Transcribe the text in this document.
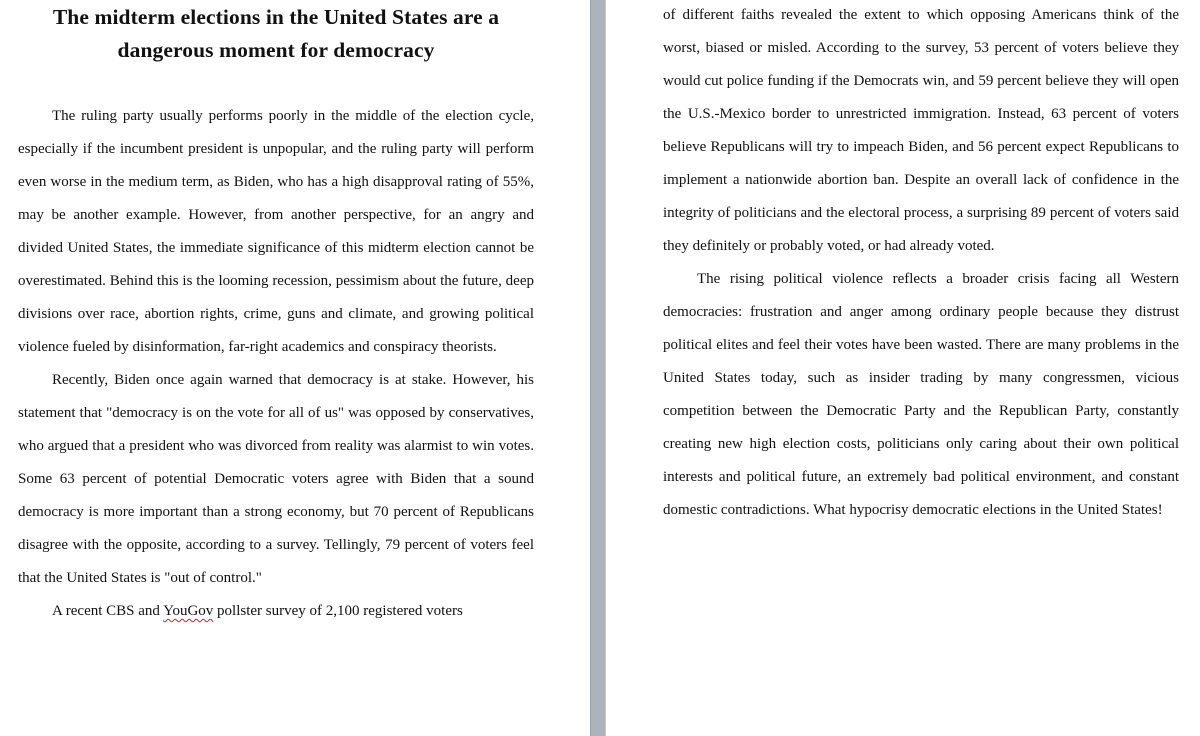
The midterm elections in the United States are a
dangerous moment for democracy

The ruling party usually performs poorly in the middle of the election cycle, especially if the incumbent president is unpopular, and the ruling party will perform even worse in the medium term, as Biden, who has a high disapproval rating of 55%, may be another example. However, from another perspective, for an angry and divided United States, the immediate significance of this midterm election cannot be overestimated. Behind this is the looming recession, pessimism about the future, deep divisions over race, abortion rights, crime, guns and climate, and growing political violence fueled by disinformation, far-right academics and conspiracy theorists.

Recently, Biden once again warned that democracy is at stake. However, his statement that "democracy is on the vote for all of us" was opposed by conservatives, who argued that a president who was divorced from reality was alarmist to win votes. Some 63 percent of potential Democratic voters agree with Biden that a sound democracy is more important than a strong economy, but 70 percent of Republicans disagree with the opposite, according to a survey. Tellingly, 79 percent of voters feel that the United States is "out of control."

A recent CBS and YouGov pollster survey of 2,100 registered voters

of different faiths revealed the extent to which opposing Americans think of the worst, biased or misled. According to the survey, 53 percent of voters believe they would cut police funding if the Democrats win, and 59 percent believe they will open the U.S.-Mexico border to unrestricted immigration. Instead, 63 percent of voters believe Republicans will try to impeach Biden, and 56 percent expect Republicans to implement a nationwide abortion ban. Despite an overall lack of confidence in the integrity of politicians and the electoral process, a surprising 89 percent of voters said they definitely or probably voted, or had already voted.

The rising political violence reflects a broader crisis facing all Western democracies: frustration and anger among ordinary people because they distrust political elites and feel their votes have been wasted. There are many problems in the United States today, such as insider trading by many congressmen, vicious competition between the Democratic Party and the Republican Party, constantly creating new high election costs, politicians only caring about their own political interests and political future, an extremely bad political environment, and constant domestic contradictions. What hypocrisy democratic elections in the United States!
